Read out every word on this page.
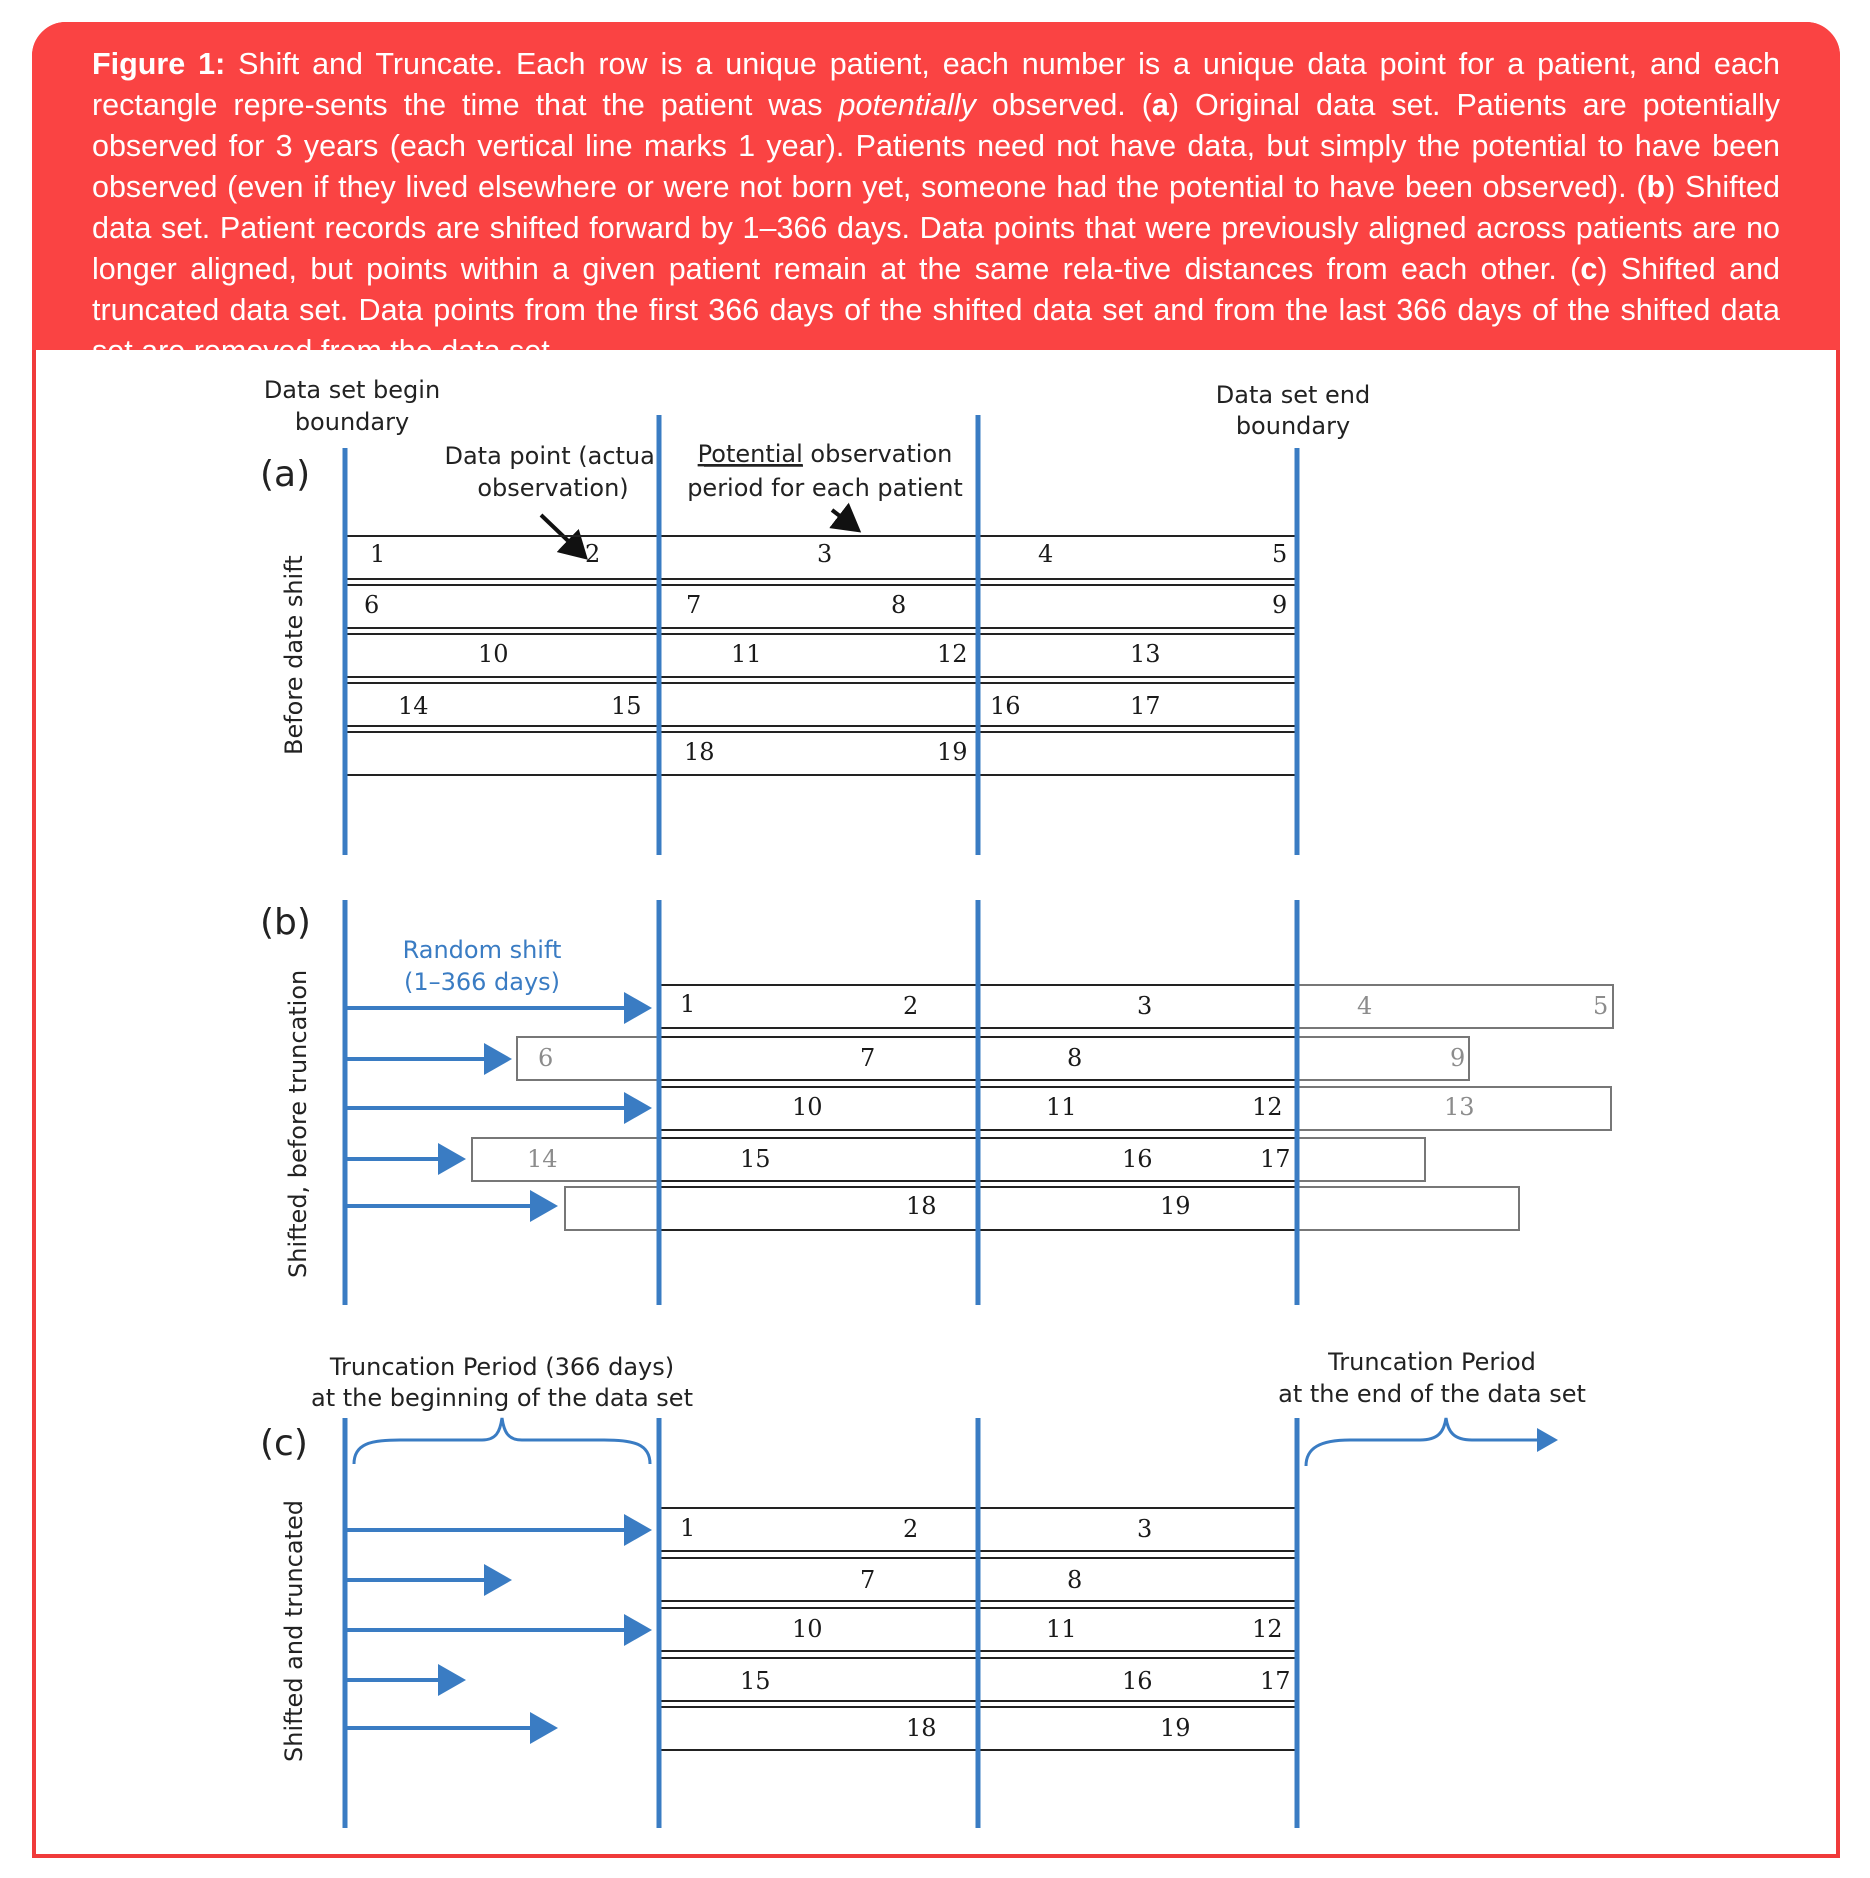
Figure 1: Shift and Truncate. Each row is a unique patient, each number is a unique data point for a patient, and each rectangle repre-sents the time that the patient was potentially observed. (a) Original data set. Patients are potentially observed for 3 years (each vertical line marks 1 year). Patients need not have data, but simply the potential to have been observed (even if they lived elsewhere or were not born yet, someone had the potential to have been observed). (b) Shifted data set. Patient records are shifted forward by 1–366 days. Data points that were previously aligned across patients are no longer aligned, but points within a given patient remain at the same rela-tive distances from each other. (c) Shifted and truncated data set. Data points from the first 366 days of the shifted data set and from the last 366 days of the shifted data set are removed from the data set.
Data set begin
boundary
Data set end
boundary
Data point (actual
observation)
Potential observation
period for each patient
(a)
Before date shift
1	2	3	4	5
6	7	8	9
10	11	12	13
14	15	16	17
18	19
(b)
Shifted, before truncation
Random shift
(1–366 days)
1	2	3	4	5
6	7	8	9
10	11	12	13
14	15	16	17
18	19
(c)
Shifted and truncated
Truncation Period (366 days)
at the beginning of the data set
Truncation Period
at the end of the data set
1	2	3
7	8
10	11	12
15	16	17
18	19
